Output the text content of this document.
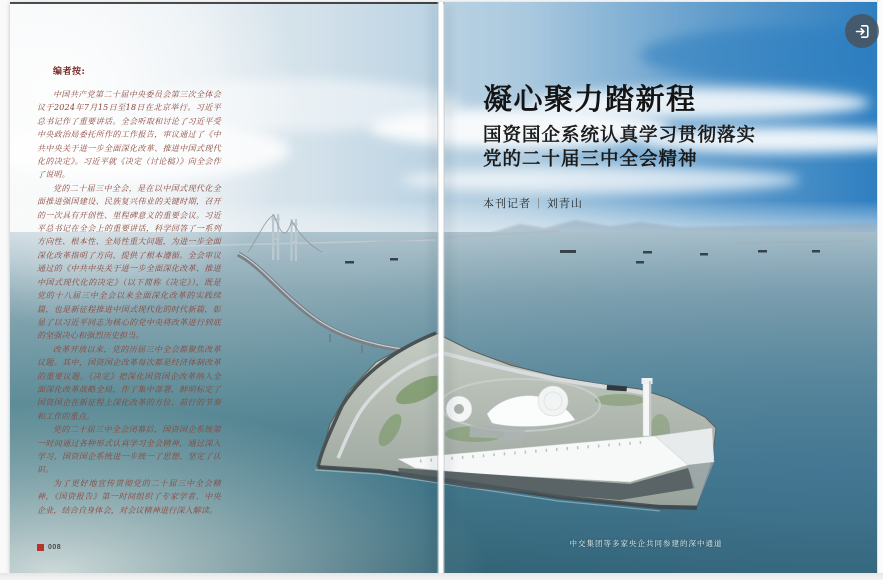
编者按:

中国共产党第二十届中央委员会第三次全体会议于2024年7月15日至18日在北京举行。习近平总书记作了重要讲话。全会听取和讨论了习近平受中央政治局委托所作的工作报告，审议通过了《中共中央关于进一步全面深化改革、推进中国式现代化的决定》。习近平就《决定（讨论稿）》向全会作了说明。

党的二十届三中全会，是在以中国式现代化全面推进强国建设、民族复兴伟业的关键时期，召开的一次具有开创性、里程碑意义的重要会议。习近平总书记在全会上的重要讲话，科学回答了一系列方向性、根本性、全局性重大问题，为进一步全面深化改革指明了方向、提供了根本遵循。全会审议通过的《中共中央关于进一步全面深化改革、推进中国式现代化的决定》（以下简称《决定》），既是党的十八届三中全会以来全面深化改革的实践续篇，也是新征程推进中国式现代化的时代新篇，彰显了以习近平同志为核心的党中央将改革进行到底的坚强决心和强烈历史担当。

改革开放以来，党的历届三中全会都聚焦改革议题。其中，国资国企改革每次都是经济体制改革的重要议题。《决定》把深化国资国企改革纳入全面深化改革战略全局，作了集中部署，鲜明标定了国资国企在新征程上深化改革的方位、前行的节奏和工作的重点。

党的二十届三中全会闭幕后，国资国企系统第一时间通过各种形式认真学习全会精神，通过深入学习，国资国企系统进一步统一了思想、坚定了认识。

为了更好地宣传贯彻党的二十届三中全会精神，《国资报告》第一时间组织了专家学者、中央企业，结合自身体会，对会议精神进行深入解读。

008
凝心聚力踏新程
国资国企系统认真学习贯彻落实
党的二十届三中全会精神
本刊记者 | 刘青山
中交集团等多家央企共同参建的深中通道
